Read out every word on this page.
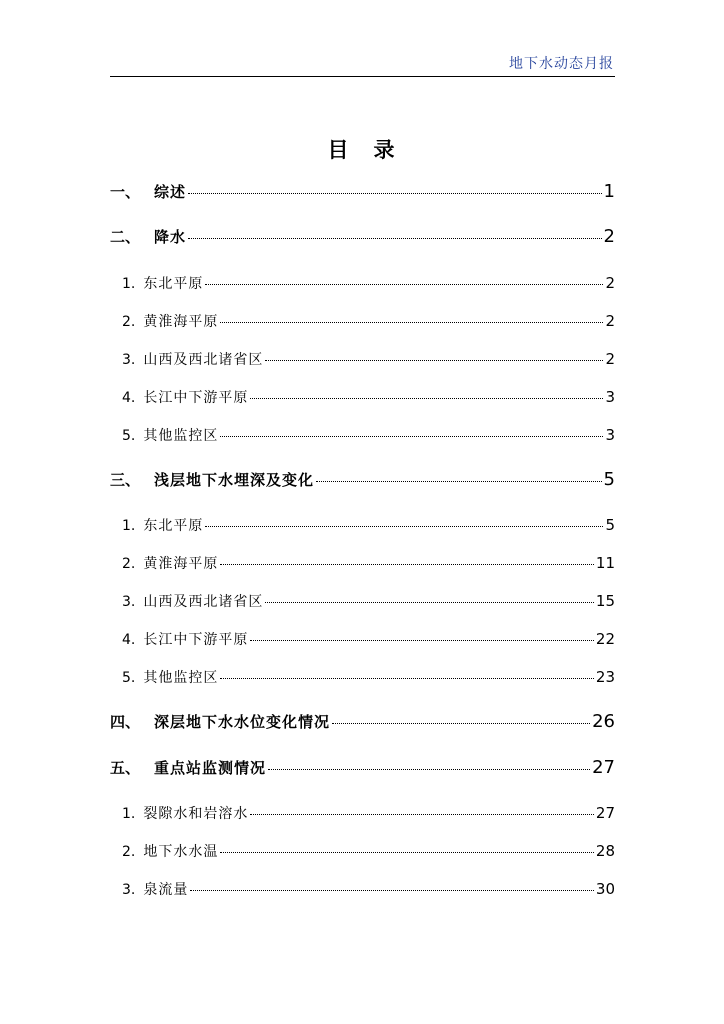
地下水动态月报
目　录
一、 综述	1
二、 降水	2
1. 东北平原	2
2. 黄淮海平原	2
3. 山西及西北诸省区	2
4. 长江中下游平原	3
5. 其他监控区	3
三、 浅层地下水埋深及变化	5
1. 东北平原	5
2. 黄淮海平原	11
3. 山西及西北诸省区	15
4. 长江中下游平原	22
5. 其他监控区	23
四、 深层地下水水位变化情况	26
五、 重点站监测情况	27
1. 裂隙水和岩溶水	27
2. 地下水水温	28
3. 泉流量	30
